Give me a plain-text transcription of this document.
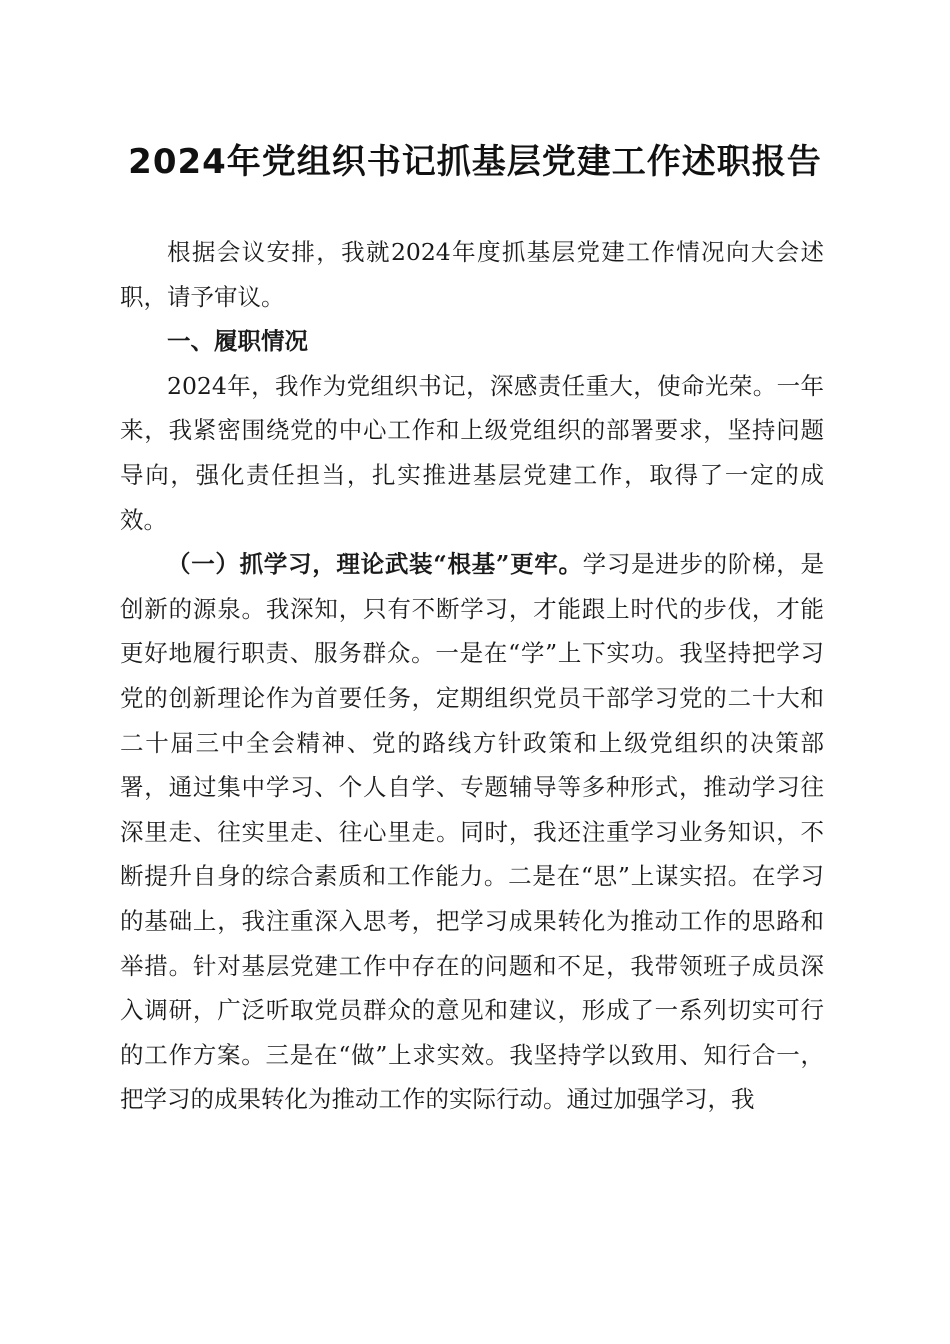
2024年党组织书记抓基层党建工作述职报告

根据会议安排，我就2024年度抓基层党建工作情况向大会述职，请予审议。

一、履职情况

2024年，我作为党组织书记，深感责任重大，使命光荣。一年来，我紧密围绕党的中心工作和上级党组织的部署要求，坚持问题导向，强化责任担当，扎实推进基层党建工作，取得了一定的成效。

（一）抓学习，理论武装“根基”更牢。学习是进步的阶梯，是创新的源泉。我深知，只有不断学习，才能跟上时代的步伐，才能更好地履行职责、服务群众。一是在“学”上下实功。我坚持把学习党的创新理论作为首要任务，定期组织党员干部学习党的二十大和二十届三中全会精神、党的路线方针政策和上级党组织的决策部署，通过集中学习、个人自学、专题辅导等多种形式，推动学习往深里走、往实里走、往心里走。同时，我还注重学习业务知识，不断提升自身的综合素质和工作能力。二是在“思”上谋实招。在学习的基础上，我注重深入思考，把学习成果转化为推动工作的思路和举措。针对基层党建工作中存在的问题和不足，我带领班子成员深入调研，广泛听取党员群众的意见和建议，形成了一系列切实可行的工作方案。三是在“做”上求实效。我坚持学以致用、知行合一，把学习的成果转化为推动工作的实际行动。通过加强学习，我
